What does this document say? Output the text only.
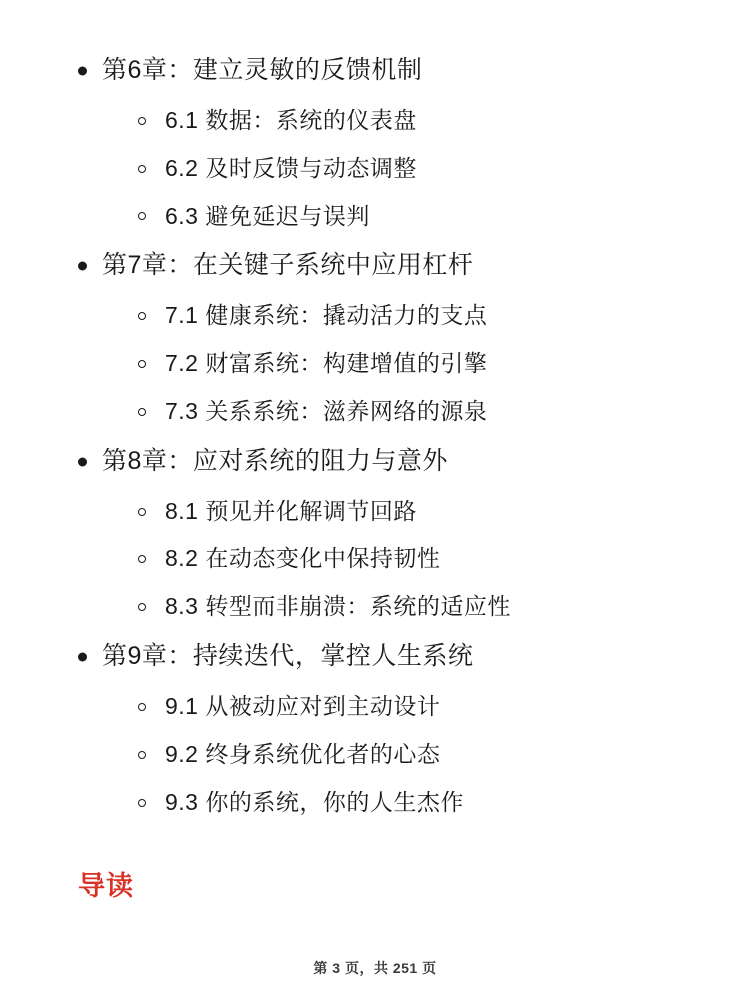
第6章：建立灵敏的反馈机制
6.1 数据：系统的仪表盘
6.2 及时反馈与动态调整
6.3 避免延迟与误判
第7章：在关键子系统中应用杠杆
7.1 健康系统：撬动活力的支点
7.2 财富系统：构建增值的引擎
7.3 关系系统：滋养网络的源泉
第8章：应对系统的阻力与意外
8.1 预见并化解调节回路
8.2 在动态变化中保持韧性
8.3 转型而非崩溃：系统的适应性
第9章：持续迭代，掌控人生系统
9.1 从被动应对到主动设计
9.2 终身系统优化者的心态
9.3 你的系统，你的人生杰作
导读
第 3 页，共 251 页
